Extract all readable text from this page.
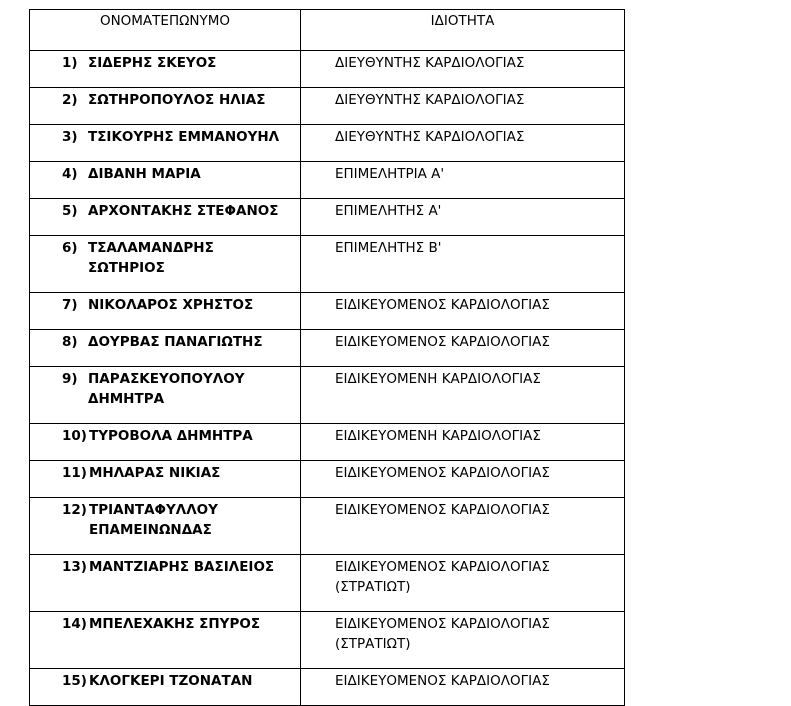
ΟΝΟΜΑΤΕΠΩΝΥΜΟ	ΙΔΙΟΤΗΤΑ
1) ΣΙΔΕΡΗΣ ΣΚΕΥΟΣ	ΔΙΕΥΘΥΝΤΗΣ ΚΑΡΔΙΟΛΟΓΙΑΣ
2) ΣΩΤΗΡΟΠΟΥΛΟΣ ΗΛΙΑΣ	ΔΙΕΥΘΥΝΤΗΣ ΚΑΡΔΙΟΛΟΓΙΑΣ
3) ΤΣΙΚΟΥΡΗΣ ΕΜΜΑΝΟΥΗΛ	ΔΙΕΥΘΥΝΤΗΣ ΚΑΡΔΙΟΛΟΓΙΑΣ
4) ΔΙΒΑΝΗ ΜΑΡΙΑ	ΕΠΙΜΕΛΗΤΡΙΑ Α'
5) ΑΡΧΟΝΤΑΚΗΣ ΣΤΕΦΑΝΟΣ	ΕΠΙΜΕΛΗΤΗΣ Α'
6) ΤΣΑΛΑΜΑΝΔΡΗΣ ΣΩΤΗΡΙΟΣ	ΕΠΙΜΕΛΗΤΗΣ Β'
7) ΝΙΚΟΛΑΡΟΣ ΧΡΗΣΤΟΣ	ΕΙΔΙΚΕΥΟΜΕΝΟΣ ΚΑΡΔΙΟΛΟΓΙΑΣ
8) ΔΟΥΡΒΑΣ ΠΑΝΑΓΙΩΤΗΣ	ΕΙΔΙΚΕΥΟΜΕΝΟΣ ΚΑΡΔΙΟΛΟΓΙΑΣ
9) ΠΑΡΑΣΚΕΥΟΠΟΥΛΟΥ ΔΗΜΗΤΡΑ	ΕΙΔΙΚΕΥΟΜΕΝΗ ΚΑΡΔΙΟΛΟΓΙΑΣ
10) ΤΥΡΟΒΟΛΑ ΔΗΜΗΤΡΑ	ΕΙΔΙΚΕΥΟΜΕΝΗ ΚΑΡΔΙΟΛΟΓΙΑΣ
11) ΜΗΛΑΡΑΣ ΝΙΚΙΑΣ	ΕΙΔΙΚΕΥΟΜΕΝΟΣ ΚΑΡΔΙΟΛΟΓΙΑΣ
12) ΤΡΙΑΝΤΑΦΥΛΛΟΥ ΕΠΑΜΕΙΝΩΝΔΑΣ	ΕΙΔΙΚΕΥΟΜΕΝΟΣ ΚΑΡΔΙΟΛΟΓΙΑΣ
13) ΜΑΝΤΖΙΑΡΗΣ ΒΑΣΙΛΕΙΟΣ	ΕΙΔΙΚΕΥΟΜΕΝΟΣ ΚΑΡΔΙΟΛΟΓΙΑΣ (ΣΤΡΑΤΙΩΤ)
14) ΜΠΕΛΕΧΑΚΗΣ ΣΠΥΡΟΣ	ΕΙΔΙΚΕΥΟΜΕΝΟΣ ΚΑΡΔΙΟΛΟΓΙΑΣ (ΣΤΡΑΤΙΩΤ)
15) ΚΛΟΓΚΕΡΙ ΤΖΟΝΑΤΑΝ	ΕΙΔΙΚΕΥΟΜΕΝΟΣ ΚΑΡΔΙΟΛΟΓΙΑΣ
